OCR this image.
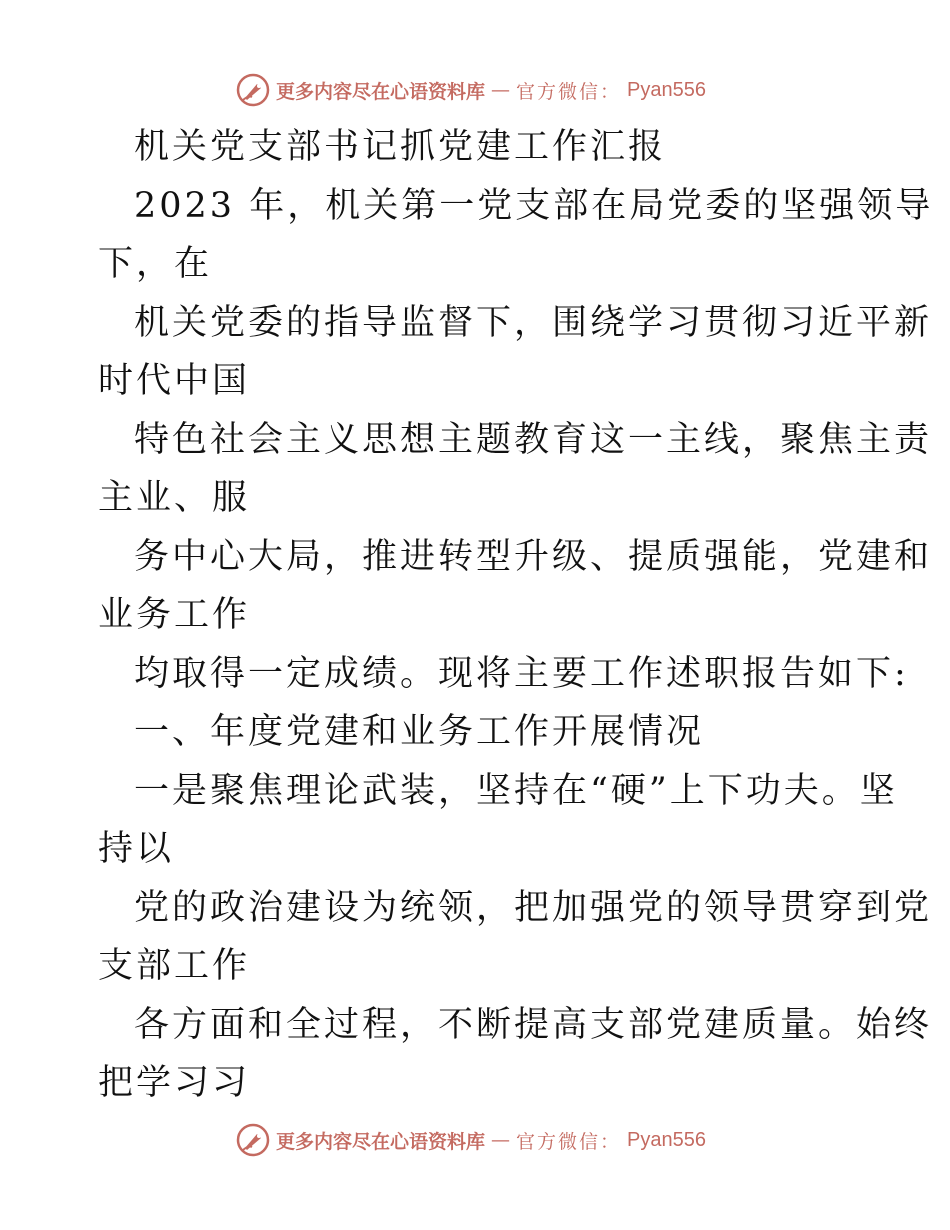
更多内容尽在心语资料库 — 官方微信： Pyan556
机关党支部书记抓党建工作汇报
2023 年，机关第一党支部在局党委的坚强领导
下，在
机关党委的指导监督下，围绕学习贯彻习近平新
时代中国
特色社会主义思想主题教育这一主线，聚焦主责
主业、服
务中心大局，推进转型升级、提质强能，党建和
业务工作
均取得一定成绩。现将主要工作述职报告如下:
一、年度党建和业务工作开展情况
一是聚焦理论武装，坚持在“硬”上下功夫。坚
持以
党的政治建设为统领，把加强党的领导贯穿到党
支部工作
各方面和全过程，不断提高支部党建质量。始终
把学习习
更多内容尽在心语资料库 — 官方微信： Pyan556
